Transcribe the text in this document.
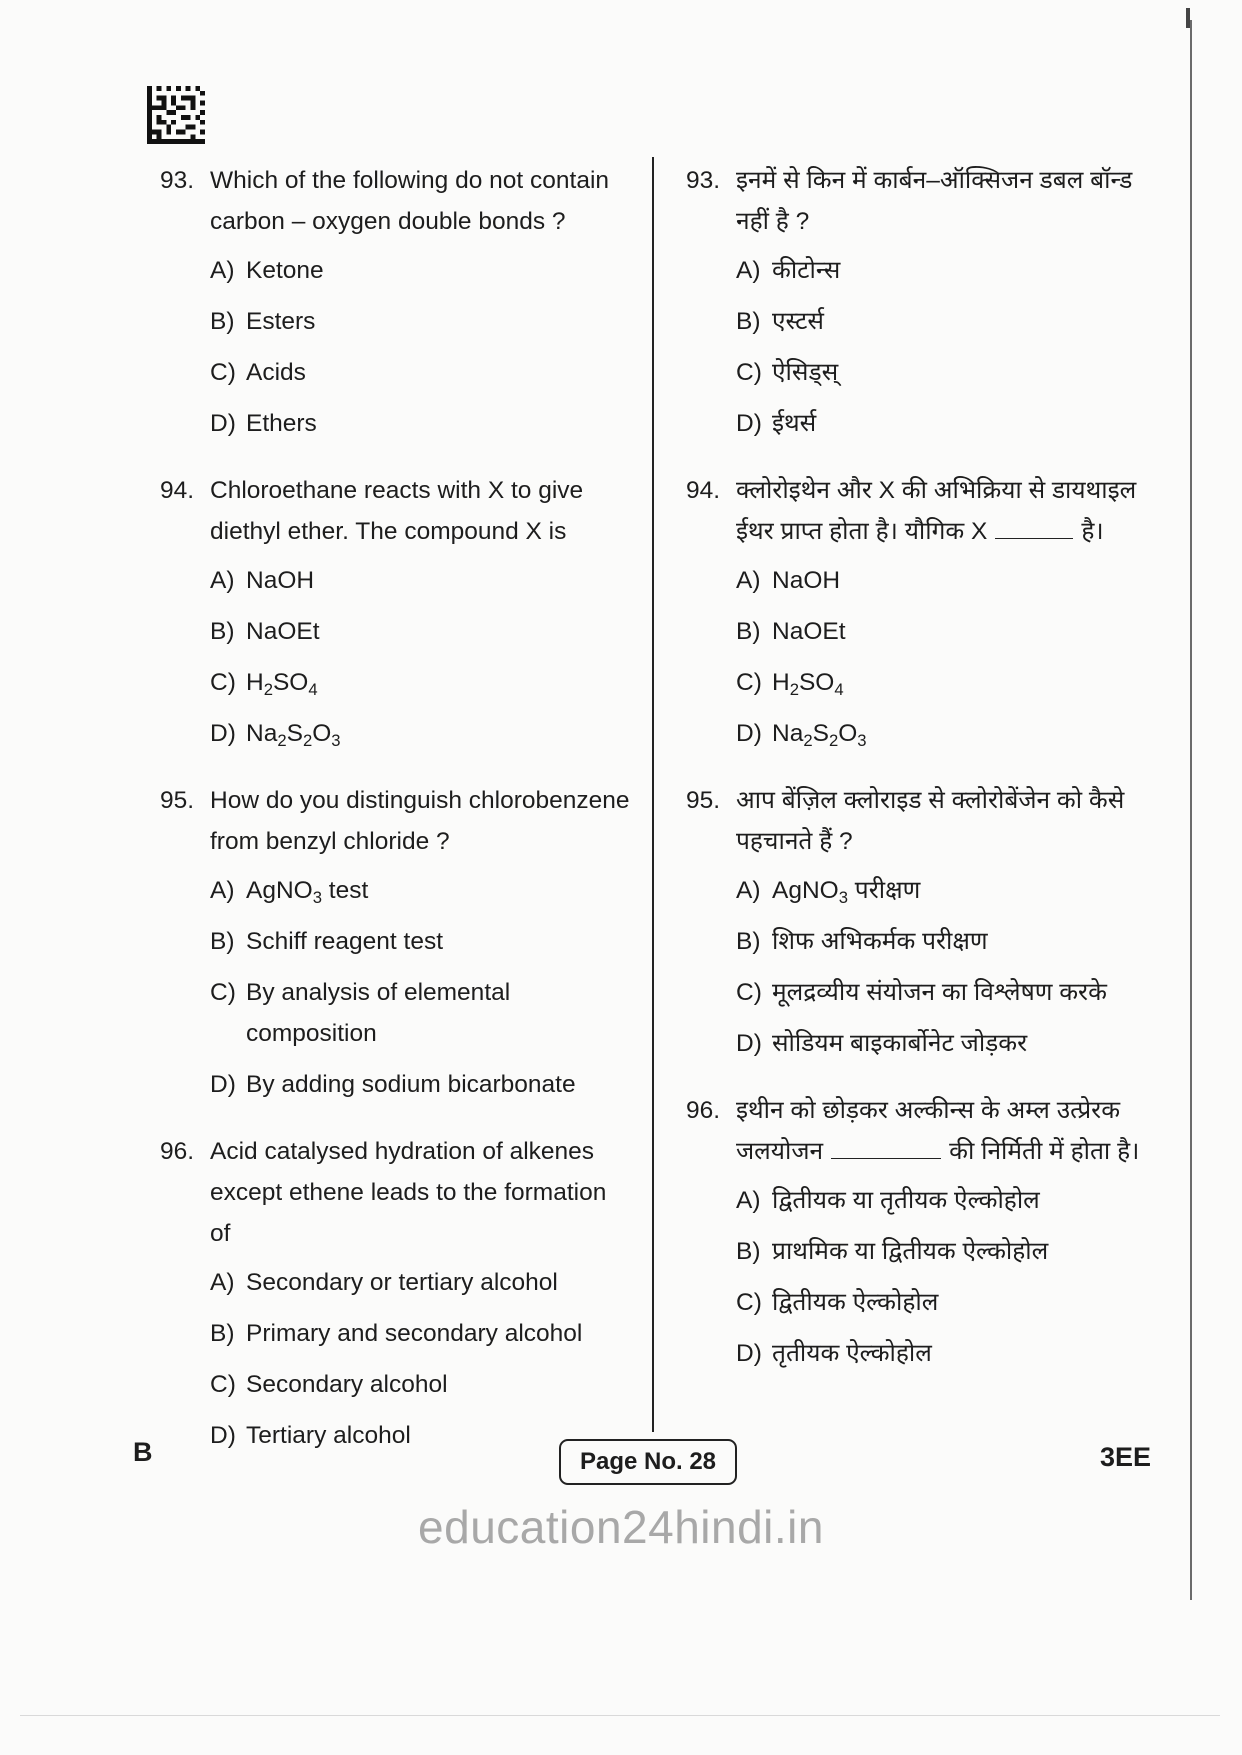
93. Which of the following do not contain carbon – oxygen double bonds ?
A) Ketone
B) Esters
C) Acids
D) Ethers
94. Chloroethane reacts with X to give diethyl ether. The compound X is
A) NaOH
B) NaOEt
C) $H_2SO_4$
D) $Na_2S_2O_3$
95. How do you distinguish chlorobenzene from benzyl chloride ?
A) AgNO$_3$ test
B) Schiff reagent test
C) By analysis of elemental composition
D) By adding sodium bicarbonate
96. Acid catalysed hydration of alkenes except ethene leads to the formation of
A) Secondary or tertiary alcohol
B) Primary and secondary alcohol
C) Secondary alcohol
D) Tertiary alcohol
93. इनमें से किन में कार्बन–ऑक्सिजन डबल बॉन्ड नहीं है ?
A) कीटोन्स
B) एस्टर्स
C) ऐसिड्स्
D) ईथर्स
94. क्लोरोइथेन और X की अभिक्रिया से डायथाइल ईथर प्राप्त होता है। यौगिक X	है।
A) NaOH
B) NaOEt
C) $H_2SO_4$
D) $Na_2S_2O_3$
95. आप बेंज़िल क्लोराइड से क्लोरोबेंजेन को कैसे पहचानते हैं ?
A) AgNO$_3$ परीक्षण
B) शिफ अभिकर्मक परीक्षण
C) मूलद्रव्यीय संयोजन का विश्लेषण करके
D) सोडियम बाइकार्बोनेट जोड़कर
96. इथीन को छोड़कर अल्कीन्स के अम्ल उत्प्रेरक जलयोजन	की निर्मिती में होता है।
A) द्वितीयक या तृतीयक ऐल्कोहोल
B) प्राथमिक या द्वितीयक ऐल्कोहोल
C) द्वितीयक ऐल्कोहोल
D) तृतीयक ऐल्कोहोल
B	Page No. 28	3EE
education24hindi.in
